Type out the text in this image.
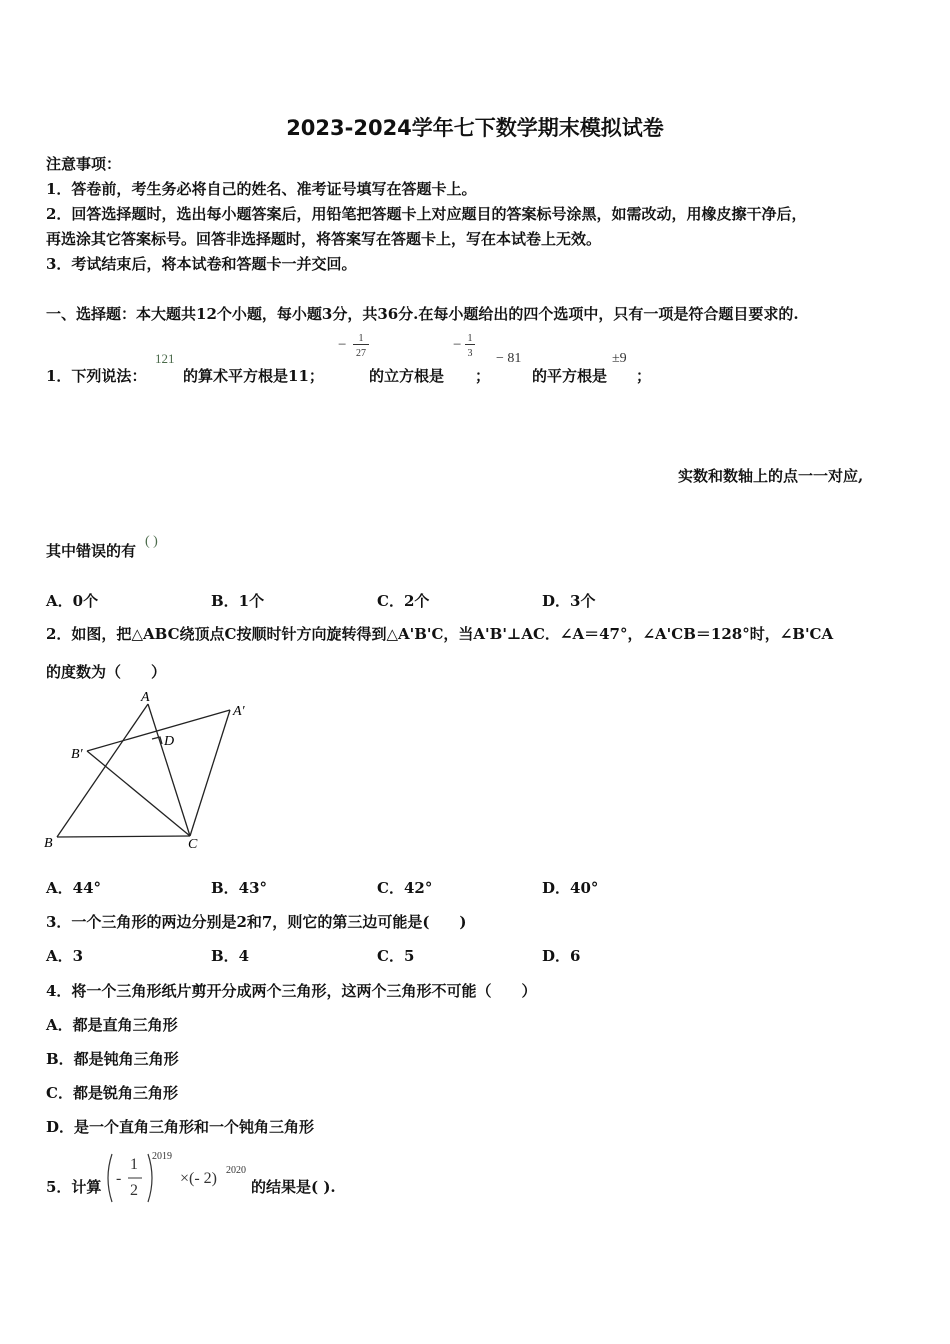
2023-2024学年七下数学期末模拟试卷
注意事项：
1．答卷前，考生务必将自己的姓名、准考证号填写在答题卡上。
2．回答选择题时，选出每小题答案后，用铅笔把答题卡上对应题目的答案标号涂黑，如需改动，用橡皮擦干净后，
再选涂其它答案标号。回答非选择题时，将答案写在答题卡上，写在本试卷上无效。
3．考试结束后，将本试卷和答题卡一并交回。
一、选择题：本大题共12个小题，每小题3分，共36分.在每小题给出的四个选项中，只有一项是符合题目要求的.
1．下列说法：
121
的算术平方根是11；
−	1
27
的立方根是
− 1
3
；
− 81
的平方根是
±9
；
实数和数轴上的点一一对应,
其中错误的有
( )
A．0个	B．1个	C．2个	D．3个
2．如图，把△ABC绕顶点C按顺时针方向旋转得到△A'B'C，当A'B'⊥AC．∠A＝47°，∠A'CB＝128°时，∠B'CA
的度数为（　　）
A
A′
B′
D
B	C
A．44°	B．43°	C．42°	D．40°
3．一个三角形的两边分别是2和7，则它的第三边可能是(　　)
A．3	B．4	C．5	D．6
4．将一个三角形纸片剪开分成两个三角形，这两个三角形不可能（　　）
A．都是直角三角形
B．都是钝角三角形
C．都是锐角三角形
D．是一个直角三角形和一个钝角三角形
5．计算 -
1
2
2019
×(- 2) 2020
的结果是( ).
